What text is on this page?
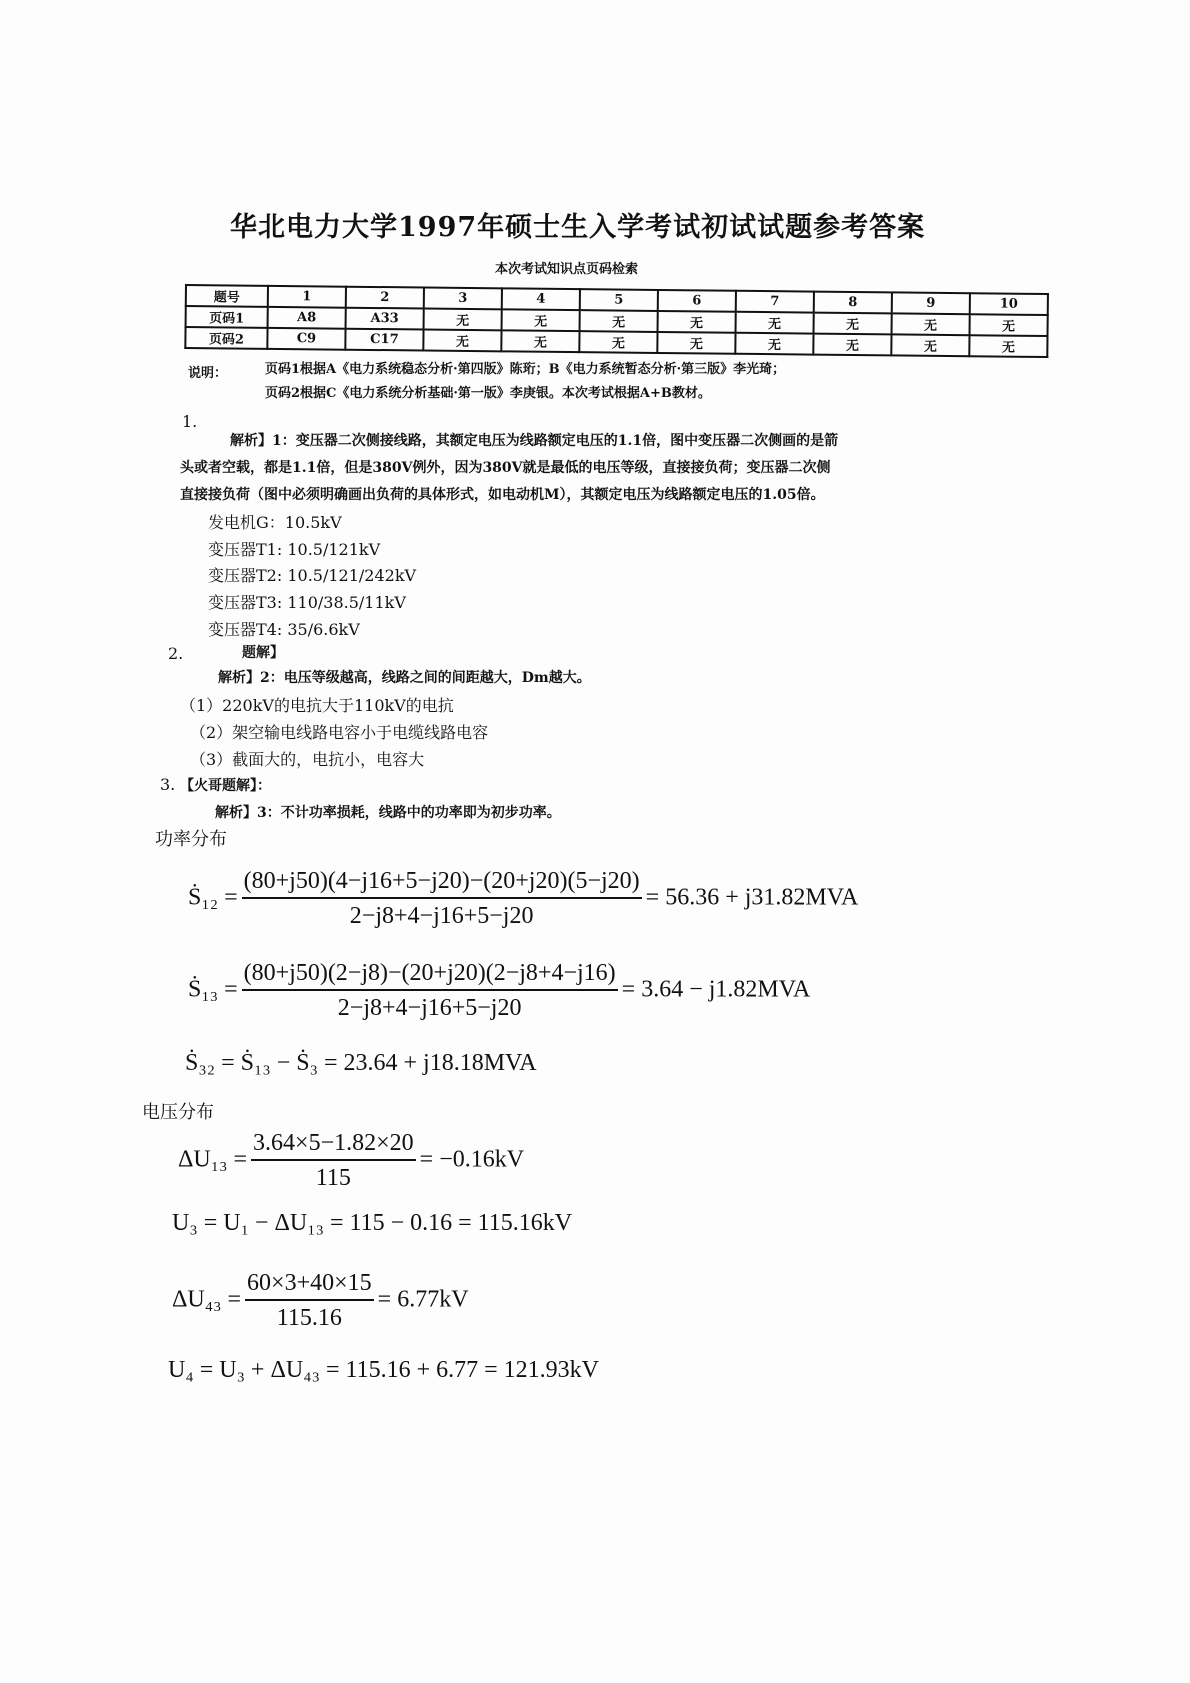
华北电力大学1997年硕士生入学考试初试试题参考答案
本次考试知识点页码检索
题号	1	2	3	4	5	6	7	8	9	10
页码1	A8	A33	无	无	无	无	无	无	无	无
页码2	C9	C17	无	无	无	无	无	无	无	无
说明：	页码1根据A《电力系统稳态分析·第四版》陈珩；B《电力系统暂态分析·第三版》李光琦；
页码2根据C《电力系统分析基础·第一版》李庚银。本次考试根据A+B教材。
1.
解析】1：变压器二次侧接线路，其额定电压为线路额定电压的1.1倍，图中变压器二次侧画的是箭
头或者空载，都是1.1倍，但是380V例外，因为380V就是最低的电压等级，直接接负荷；变压器二次侧
直接接负荷（图中必须明确画出负荷的具体形式，如电动机M），其额定电压为线路额定电压的1.05倍。
发电机G：10.5kV
变压器T1: 10.5/121kV
变压器T2: 10.5/121/242kV
变压器T3: 110/38.5/11kV
变压器T4: 35/6.6kV
2.	题解】
解析】2：电压等级越高，线路之间的间距越大，Dm越大。
（1）220kV的电抗大于110kV的电抗
（2）架空输电线路电容小于电缆线路电容
（3）截面大的，电抗小，电容大
3. 【火哥题解】：
解析】3：不计功率损耗，线路中的功率即为初步功率。
功率分布
Ṡ₁₂ = $\frac{(80+j50)(4-j16+5-j20)-(20+j20)(5-j20)}{2-j8+4-j16+5-j20} = 56.36 + j31.82MVA$
Ṡ₁₃ = $\frac{(80+j50)(2-j8)-(20+j20)(2-j8+4-j16)}{2-j8+4-j16+5-j20} = 3.64 - j1.82MVA$
Ṡ₃₂ = Ṡ₁₃ − Ṡ₃ = 23.64 + j18.18MVA
电压分布
$\Delta U_{13} = \frac{3.64\times 5-1.82\times 20}{115} = -0.16kV$
U₃ = U₁ − ΔU₁₃ = 115 − 0.16 = 115.16kV
$\Delta U_{43} = \frac{60\times 3+40\times 15}{115.16} = 6.77kV$
U₄ = U₃ + ΔU₄₃ = 115.16 + 6.77 = 121.93kV
